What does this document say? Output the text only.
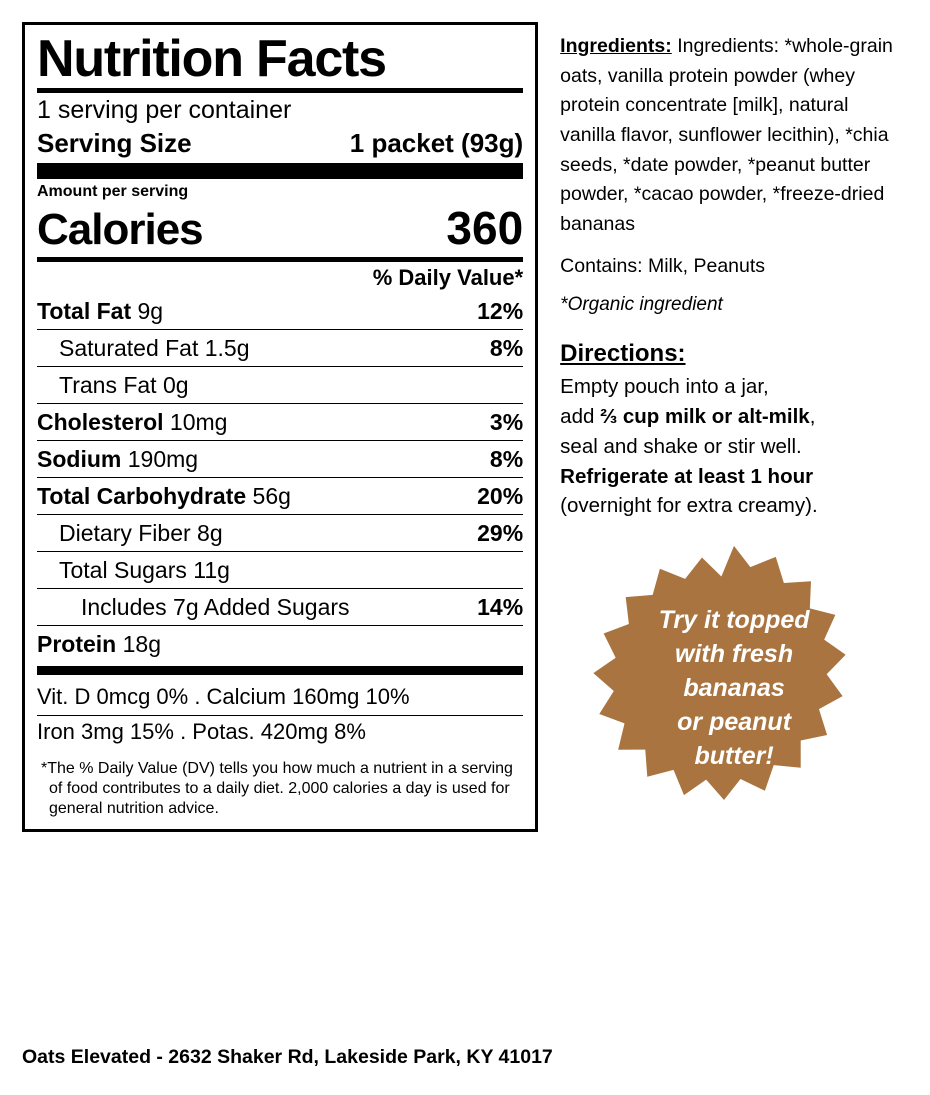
Nutrition Facts
1 serving per container
Serving Size	1 packet (93g)
Amount per serving
Calories	360
% Daily Value*
Total Fat 9g	12%
Saturated Fat 1.5g	8%
Trans Fat 0g
Cholesterol 10mg	3%
Sodium 190mg	8%
Total Carbohydrate 56g	20%
Dietary Fiber 8g	29%
Total Sugars 11g
Includes 7g Added Sugars	14%
Protein 18g
Vit. D 0mcg 0% . Calcium 160mg 10%
Iron 3mg 15% . Potas. 420mg 8%
*The % Daily Value (DV) tells you how much a nutrient in a serving of food contributes to a daily diet. 2,000 calories a day is used for general nutrition advice.
Ingredients: Ingredients: *whole-grain oats, vanilla protein powder (whey protein concentrate [milk], natural vanilla flavor, sunflower lecithin), *chia seeds, *date powder, *peanut butter powder, *cacao powder, *freeze-dried bananas
Contains: Milk, Peanuts
*Organic ingredient
Directions:
Empty pouch into a jar,
add ⅔ cup milk or alt-milk,
seal and shake or stir well.
Refrigerate at least 1 hour
(overnight for extra creamy).
Try it topped
with fresh
bananas
or peanut
butter!
Oats Elevated - 2632 Shaker Rd, Lakeside Park, KY 41017
